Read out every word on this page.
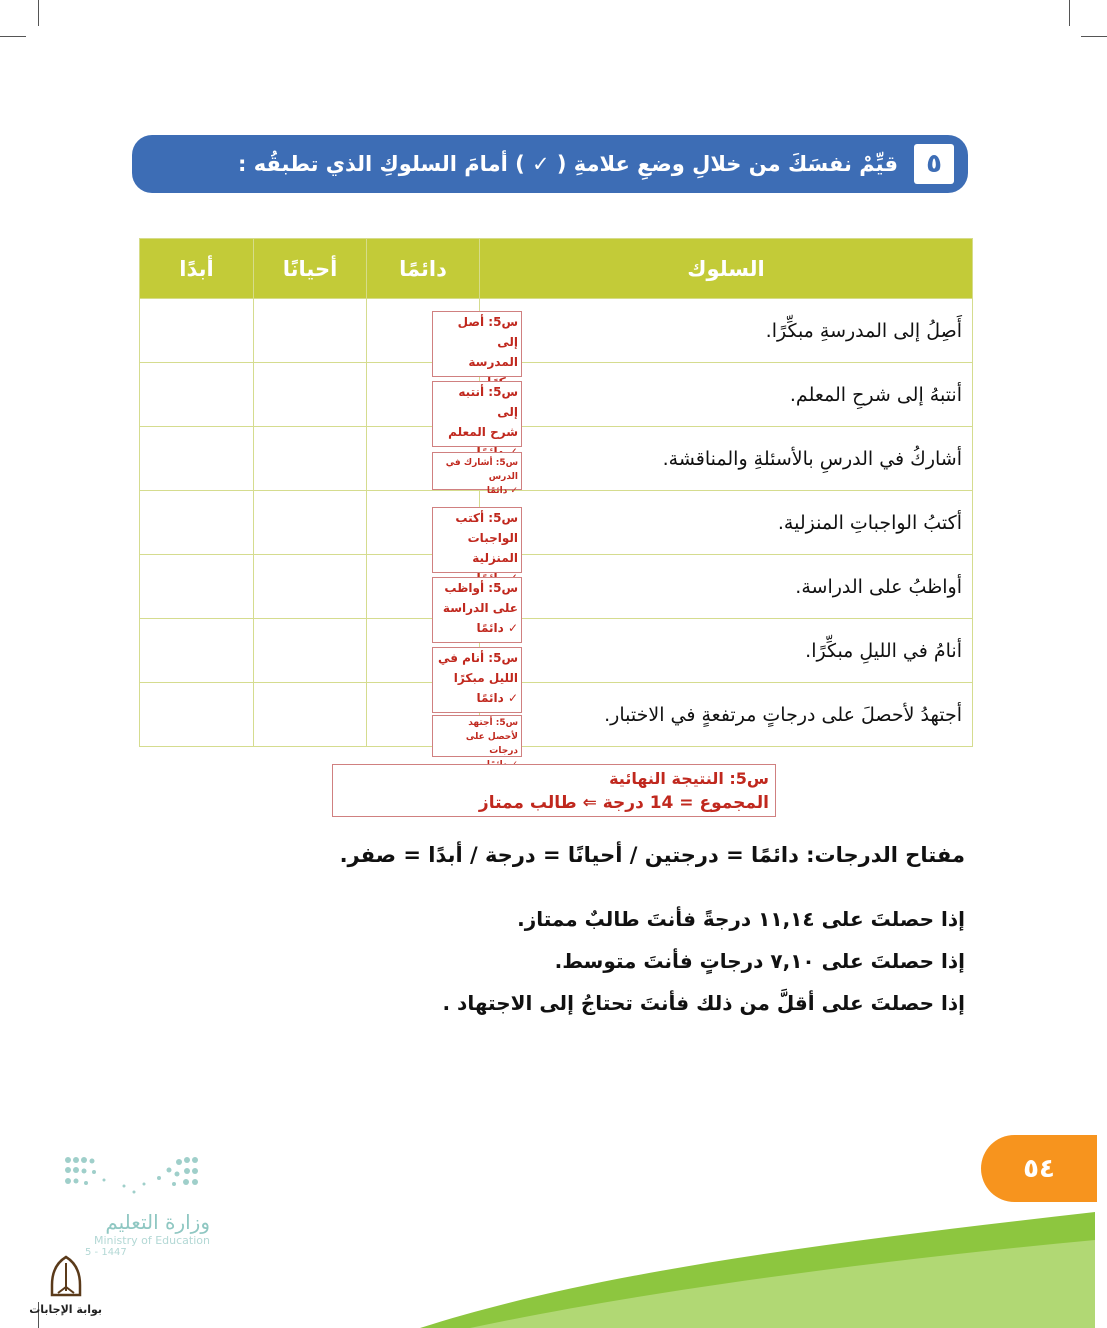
٥
قيِّمْ نفسَكَ من خلالِ وضعِ علامةِ ( ✓ ) أمامَ السلوكِ الذي تطبقُه :
السلوك	دائمًا	أحيانًا	أبدًا
أَصِلُ إلى المدرسةِ مبكِّرًا.			
أنتبهُ إلى شرحِ المعلم.			
أشاركُ في الدرسِ بالأسئلةِ والمناقشة.			
أكتبُ الواجباتِ المنزلية.			
أواظبُ على الدراسة.			
أنامُ في الليلِ مبكِّرًا.			
أجتهدُ لأحصلَ على درجاتٍ مرتفعةٍ في الاختبار.			
س5: أصل إلى
المدرسة
س5: أنتبه إلى
شرح المعلم
س5: أشارك في الدرس
✓ دائمًا
س5: أكتب
الواجبات المنزلية
س5: أواظب
على الدراسة
✓ دائمًا
س5: أنام في
الليل مبكرًا
✓ دائمًا
س5: أجتهد لأحصل على
درجات
س5: النتيجة النهائية
المجموع = 14 درجة ⇐ طالب ممتاز
مفتاح الدرجات: دائمًا = درجتين / أحيانًا = درجة / أبدًا = صفر.
إذا حصلتَ على ١١,١٤ درجةً فأنتَ طالبٌ ممتاز.
إذا حصلتَ على ٧,١٠ درجاتٍ فأنتَ متوسط.
إذا حصلتَ على أقلَّ من ذلك فأنتَ تحتاجُ إلى الاجتهاد .
٥٤
وزارة التعليم
Ministry of Education
5 - 1447
بوابة الإجابات
